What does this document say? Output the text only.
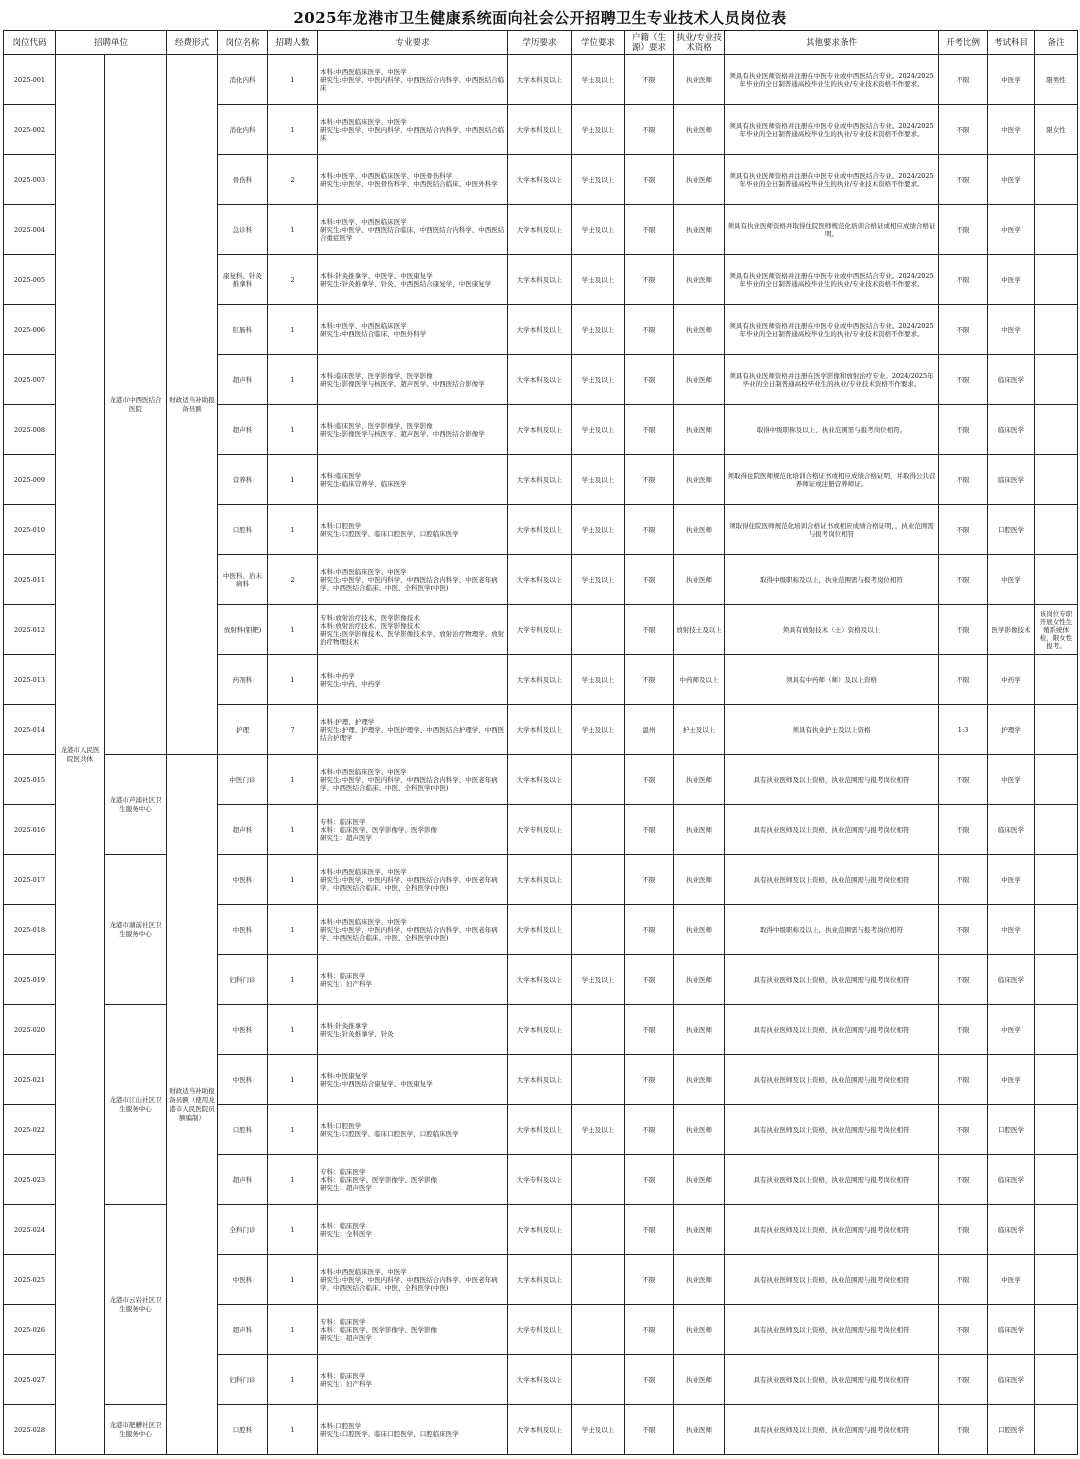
2025年龙港市卫生健康系统面向社会公开招聘卫生专业技术人员岗位表
岗位代码	招聘单位		经费形式	岗位名称	招聘人数	专业要求	学历要求	学位要求	户籍（生源）要求	执业/专业技术资格	其他要求条件	开考比例	考试科目	备注
2025-001	龙港市人民医院医共体	龙港市中西医结合医院	财政适当补助报备员额	消化内科	1	本科:中西医临床医学、中医学
研究生:中医学、中医内科学、中西医结合内科学、中西医结合临床	大学本科及以上	学士及以上	不限	执业医师	须具有执业医师资格并注册在中医专业或中西医结合专业。2024/2025年毕业的全日制普通高校毕业生的执业/专业技术资格不作要求。	不限	中医学	限男性
2025-002				消化内科	1	本科:中西医临床医学、中医学
研究生:中医学、中医内科学、中西医结合内科学、中西医结合临床	大学本科及以上	学士及以上	不限	执业医师	须具有执业医师资格并注册在中医专业或中西医结合专业。2024/2025年毕业的全日制普通高校毕业生的执业/专业技术资格不作要求。	不限	中医学	限女性
2025-003				骨伤科	2	本科:中医学、中西医临床医学、中医骨伤科学
研究生:中医学、中医骨伤科学、中西医结合临床、中医外科学	大学本科及以上	学士及以上	不限	执业医师	须具有执业医师资格并注册在中医专业或中西医结合专业。2024/2025年毕业的全日制普通高校毕业生的执业/专业技术资格不作要求。	不限	中医学	
2025-004				急诊科	1	本科:中医学、中西医临床医学
研究生:中医学、中西医结合临床、中西医结合内科学、中西医结合重症医学	大学本科及以上	学士及以上	不限	执业医师	须具有执业医师资格并取得住院医师规范化培训合格证或相应成绩合格证明。	不限	中医学	
2025-005				康复科、针灸推拿科	2	本科:针灸推拿学、中医学、中医康复学
研究生:针灸推拿学、针灸、中西医结合康复学、中医康复学	大学本科及以上	学士及以上	不限	执业医师	须具有执业医师资格并注册在中医专业或中西医结合专业。2024/2025年毕业的全日制普通高校毕业生的执业/专业技术资格不作要求。	不限	中医学	
2025-006				肛肠科	1	本科:中医学、中西医临床医学
研究生:中西医结合临床、中医外科学	大学本科及以上	学士及以上	不限	执业医师	须具有执业医师资格并注册在中医专业或中西医结合专业。2024/2025年毕业的全日制普通高校毕业生的执业/专业技术资格不作要求。	不限	中医学	
2025-007				超声科	1	本科:临床医学、医学影像学、医学影像
研究生:影像医学与核医学、超声医学、中西医结合影像学	大学本科及以上	学士及以上	不限	执业医师	须具有执业医师资格并注册在医学影像和放射治疗专业。2024/2025年毕业的全日制普通高校毕业生的执业/专业技术资格不作要求。	不限	临床医学	
2025-008				超声科	1	本科:临床医学、医学影像学、医学影像
研究生:影像医学与核医学、超声医学、中西医结合影像学	大学本科及以上	学士及以上	不限	执业医师	取得中级职称及以上，执业范围需与报考岗位相符。	不限	临床医学	
2025-009				营养科	1	本科:临床医学
研究生:临床营养学、临床医学	大学本科及以上	学士及以上	不限	执业医师	须取得住院医师规范化培训合格证书或相应成绩合格证明，并取得公共营养师证或注册营养师证。	不限	临床医学	
2025-010				口腔科	1	本科:口腔医学
研究生:口腔医学、临床口腔医学、口腔临床医学	大学本科及以上	学士及以上	不限	执业医师	须取得住院医师规范化培训合格证书或相应成绩合格证明，，执业范围需与报考岗位相符	不限	口腔医学	
2025-011				中医科、治未病科	2	本科:中西医临床医学、中医学
研究生:中医学、中医内科学、中西医结合内科学、中医老年病学、中西医结合临床、中医、全科医学(中医)	大学本科及以上	学士及以上	不限	执业医师	取得中级职称及以上，执业范围需与报考岗位相符	不限	中医学	
2025-012				放射科(钼靶)	1	专科:放射治疗技术、医学影像技术
本科:放射治疗技术、医学影像技术
研究生:医学影像技术、医学影像技术学、放射治疗物理学、放射治疗物理技术	大学专科及以上		不限	放射技士及以上	须具有放射技术（士）资格及以上	不限	医学影像技术	该岗位专职开展女性生殖系统体检，限女性报考。
2025-013				药剂科	1	本科:中药学
研究生:中药、中药学	大学本科及以上	学士及以上	不限	中药师及以上	须具有中药师（师）及以上资格	不限	中药学	
2025-014				护理	7	本科:护理、护理学
研究生:护理、护理学、中医护理学、中西医结合护理学、中西医结合护理学	大学本科及以上	学士及以上	温州	护士及以上	须具有执业护士及以上资格	1:3	护理学	
2025-015		龙港市芦浦社区卫生服务中心	财政适当补助报备员额（使用龙港市人民医院员额编制）	中医门诊	1	本科:中西医临床医学、中医学
研究生:中医学、中医内科学、中西医结合内科学、中医老年病学、中西医结合临床、中医、全科医学(中医)	大学本科及以上		不限	执业医师	具有执业医师及以上资格，执业范围需与报考岗位相符	不限	中医学	
2025-016				超声科	1	专科：临床医学
本科：临床医学、医学影像学、医学影像
研究生：超声医学	大学专科及以上		不限	执业医师	具有执业医师及以上资格，执业范围需与报考岗位相符	不限	临床医学	
2025-017		龙港市湖前社区卫生服务中心		中医科	1	本科:中西医临床医学、中医学
研究生:中医学、中医内科学、中西医结合内科学、中医老年病学、中西医结合临床、中医、全科医学(中医)	大学本科及以上		不限	执业医师	具有执业医师及以上资格，执业范围需与报考岗位相符	不限	中医学	
2025-018				中医科	1	本科:中西医临床医学、中医学
研究生:中医学、中医内科学、中西医结合内科学、中医老年病学、中西医结合临床、中医、全科医学(中医)	大学本科及以上		不限	执业医师	取得中级职称及以上，执业范围需与报考岗位相符	不限	中医学	
2025-019				妇科门诊	1	本科：临床医学
研究生：妇产科学	大学本科及以上	学士及以上	不限	执业医师	具有执业医师及以上资格，执业范围需与报考岗位相符	不限	临床医学	
2025-020		龙港市江山社区卫生服务中心		中医科	1	本科:针灸推拿学
研究生:针灸推拿学、针灸	大学本科及以上		不限	执业医师	具有执业医师及以上资格，执业范围需与报考岗位相符	不限	中医学	
2025-021				中医科	1	本科:中医康复学
研究生:中西医结合康复学、中医康复学	大学本科及以上		不限	执业医师	具有执业医师及以上资格，执业范围需与报考岗位相符	不限	中医学	
2025-022				口腔科	1	本科:口腔医学
研究生:口腔医学、临床口腔医学、口腔临床医学	大学本科及以上	学士及以上	不限	执业医师	具有执业医师及以上资格，执业范围需与报考岗位相符	不限	口腔医学	
2025-023				超声科	1	专科：临床医学
本科：临床医学、医学影像学、医学影像
研究生：超声医学	大学专科及以上		不限	执业医师	具有执业医师及以上资格，执业范围需与报考岗位相符	不限	临床医学	
2025-024		龙港市云岩社区卫生服务中心		全科门诊	1	本科：临床医学
研究生：全科医学	大学本科及以上		不限	执业医师	具有执业医师及以上资格，执业范围需与报考岗位相符	不限	临床医学	
2025-025				中医科	1	本科:中西医临床医学、中医学
研究生:中医学、中医内科学、中西医结合内科学、中医老年病学、中西医结合临床、中医、全科医学(中医)	大学本科及以上		不限	执业医师	具有执业医师及以上资格，执业范围需与报考岗位相符	不限	中医学	
2025-026				超声科	1	专科：临床医学
本科：临床医学、医学影像学、医学影像
研究生：超声医学	大学专科及以上		不限	执业医师	具有执业医师及以上资格，执业范围需与报考岗位相符	不限	临床医学	
2025-027				妇科门诊	1	本科：临床医学
研究生：妇产科学	大学本科及以上		不限	执业医师	具有执业医师及以上资格，执业范围需与报考岗位相符	不限	临床医学	
2025-028		龙港市舥艚社区卫生服务中心		口腔科	1	本科:口腔医学
研究生:口腔医学、临床口腔医学、口腔临床医学	大学本科及以上	学士及以上	不限	执业医师	具有执业医师及以上资格，执业范围需与报考岗位相符	不限	口腔医学	
